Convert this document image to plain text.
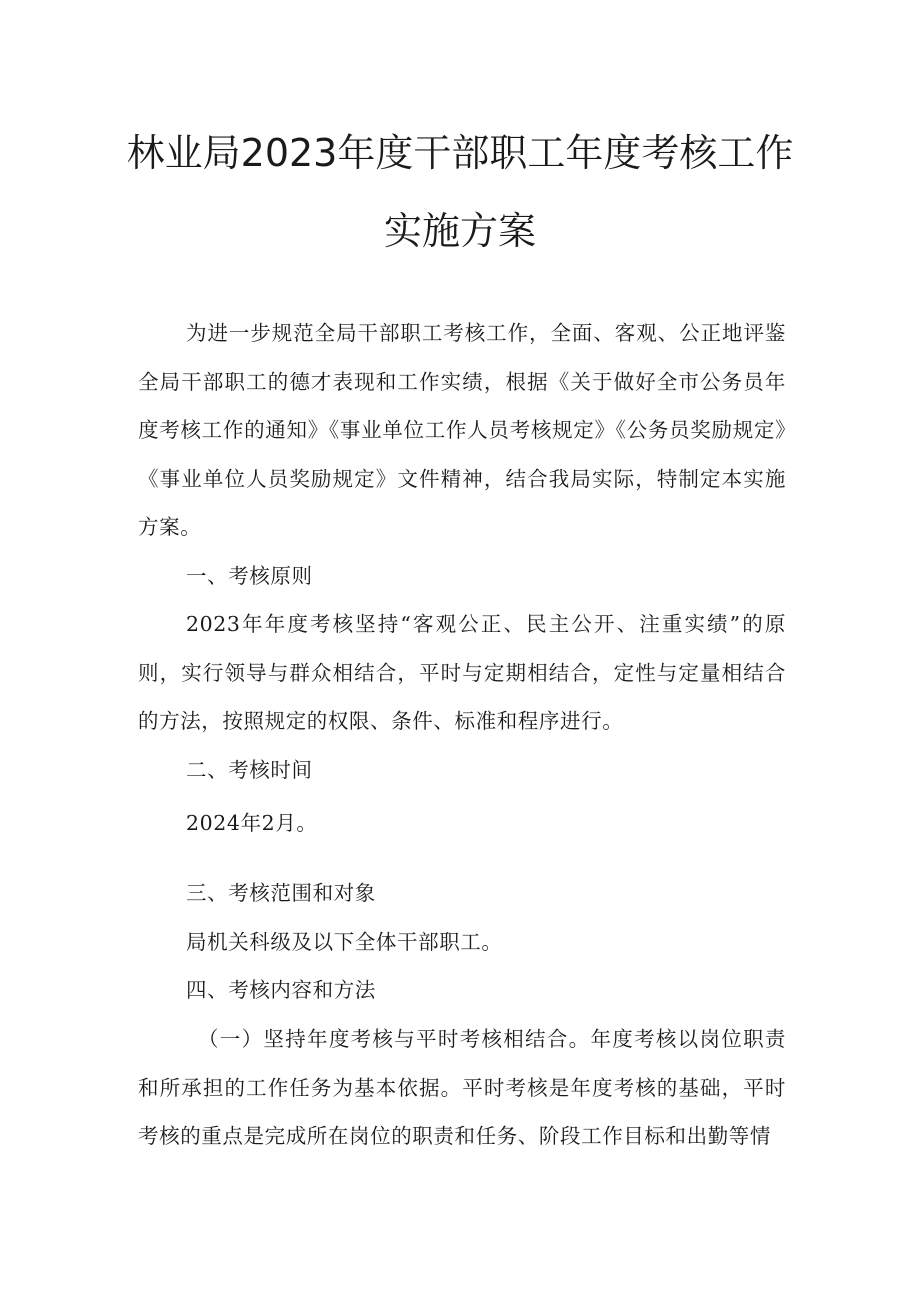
林业局2023年度干部职工年度考核工作
实施方案
为进一步规范全局干部职工考核工作，全面、客观、公正地评鉴全局干部职工的德才表现和工作实绩，根据《关于做好全市公务员年度考核工作的通知》《事业单位工作人员考核规定》《公务员奖励规定》《事业单位人员奖励规定》文件精神，结合我局实际，特制定本实施方案。
一、考核原则
2023年年度考核坚持“客观公正、民主公开、注重实绩”的原则，实行领导与群众相结合，平时与定期相结合，定性与定量相结合的方法，按照规定的权限、条件、标准和程序进行。
二、考核时间
2024年2月。
三、考核范围和对象
局机关科级及以下全体干部职工。
四、考核内容和方法
（一）坚持年度考核与平时考核相结合。年度考核以岗位职责和所承担的工作任务为基本依据。平时考核是年度考核的基础，平时考核的重点是完成所在岗位的职责和任务、阶段工作目标和出勤等情
